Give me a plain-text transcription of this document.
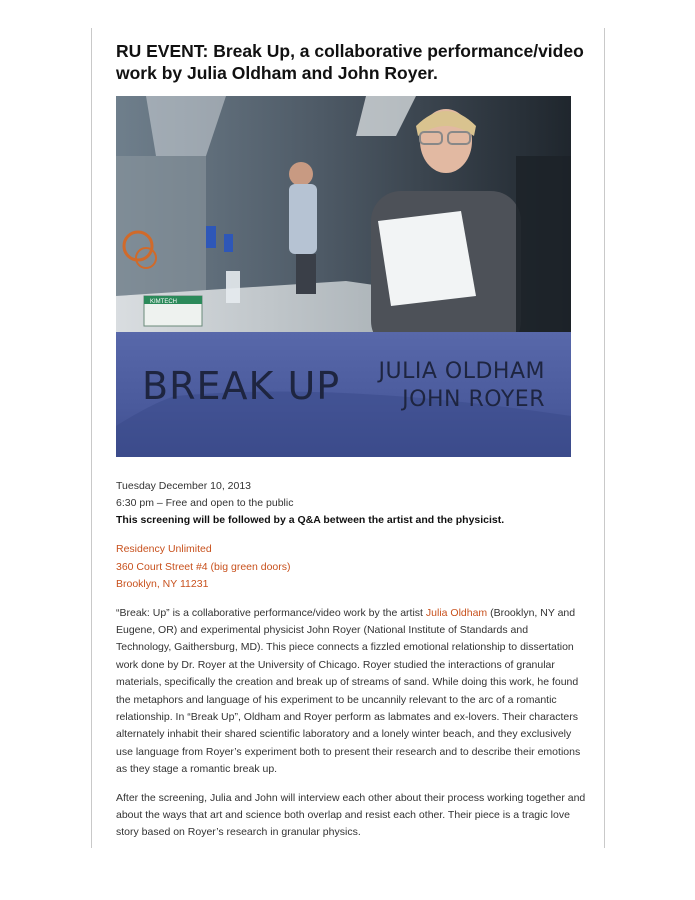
RU EVENT: Break Up, a collaborative performance/video work by Julia Oldham and John Royer.
KIMTECH
BREAK UP JULIA OLDHAM
JOHN ROYER
Tuesday December 10, 2013
6:30 pm – Free and open to the public
This screening will be followed by a Q&A between the artist and the physicist.
Residency Unlimited
360 Court Street #4 (big green doors)
Brooklyn, NY 11231
“Break: Up” is a collaborative performance/video work by the artist Julia Oldham (Brooklyn, NY and Eugene, OR) and experimental physicist John Royer (National Institute of Standards and Technology, Gaithersburg, MD). This piece connects a fizzled emotional relationship to dissertation work done by Dr. Royer at the University of Chicago. Royer studied the interactions of granular materials, specifically the creation and break up of streams of sand. While doing this work, he found the metaphors and language of his experiment to be uncannily relevant to the arc of a romantic relationship. In “Break Up”, Oldham and Royer perform as labmates and ex-lovers. Their characters alternately inhabit their shared scientific laboratory and a lonely winter beach, and they exclusively use language from Royer’s experiment both to present their research and to describe their emotions as they stage a romantic break up.
After the screening, Julia and John will interview each other about their process working together and about the ways that art and science both overlap and resist each other. Their piece is a tragic love story based on Royer’s research in granular physics.
